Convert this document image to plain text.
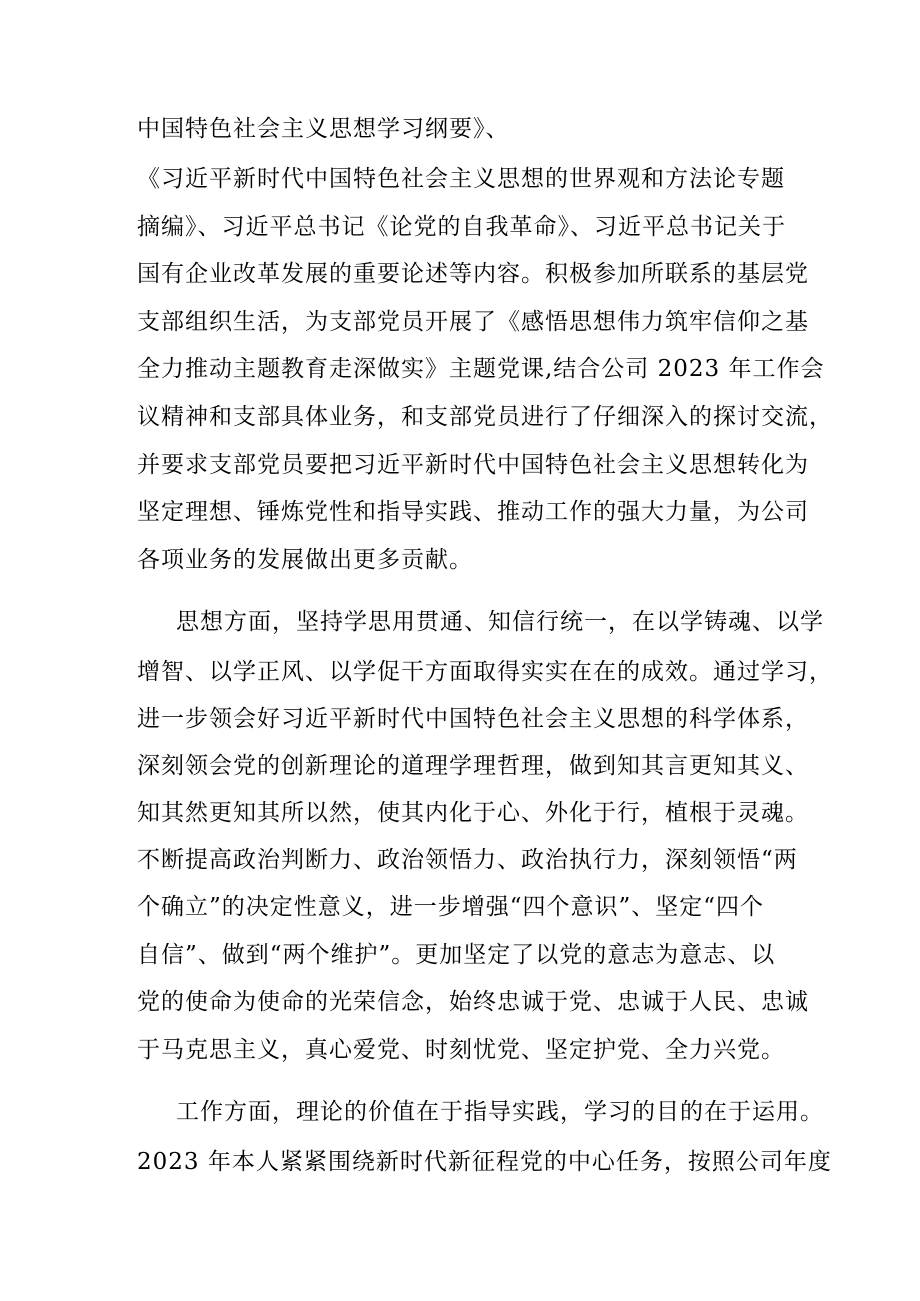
中国特色社会主义思想学习纲要》、
《习近平新时代中国特色社会主义思想的世界观和方法论专题
摘编》、习近平总书记《论党的自我革命》、习近平总书记关于
国有企业改革发展的重要论述等内容。积极参加所联系的基层党
支部组织生活，为支部党员开展了《感悟思想伟力筑牢信仰之基
全力推动主题教育走深做实》主题党课,结合公司 2023 年工作会
议精神和支部具体业务，和支部党员进行了仔细深入的探讨交流，
并要求支部党员要把习近平新时代中国特色社会主义思想转化为
坚定理想、锤炼党性和指导实践、推动工作的强大力量，为公司
各项业务的发展做出更多贡献。
思想方面，坚持学思用贯通、知信行统一，在以学铸魂、以学
增智、以学正风、以学促干方面取得实实在在的成效。通过学习，
进一步领会好习近平新时代中国特色社会主义思想的科学体系，
深刻领会党的创新理论的道理学理哲理，做到知其言更知其义、
知其然更知其所以然，使其内化于心、外化于行，植根于灵魂。
不断提高政治判断力、政治领悟力、政治执行力，深刻领悟“两
个确立”的决定性意义，进一步增强“四个意识”、坚定“四个
自信”、做到“两个维护”。更加坚定了以党的意志为意志、以
党的使命为使命的光荣信念，始终忠诚于党、忠诚于人民、忠诚
于马克思主义，真心爱党、时刻忧党、坚定护党、全力兴党。
工作方面，理论的价值在于指导实践，学习的目的在于运用。
2023 年本人紧紧围绕新时代新征程党的中心任务，按照公司年度
